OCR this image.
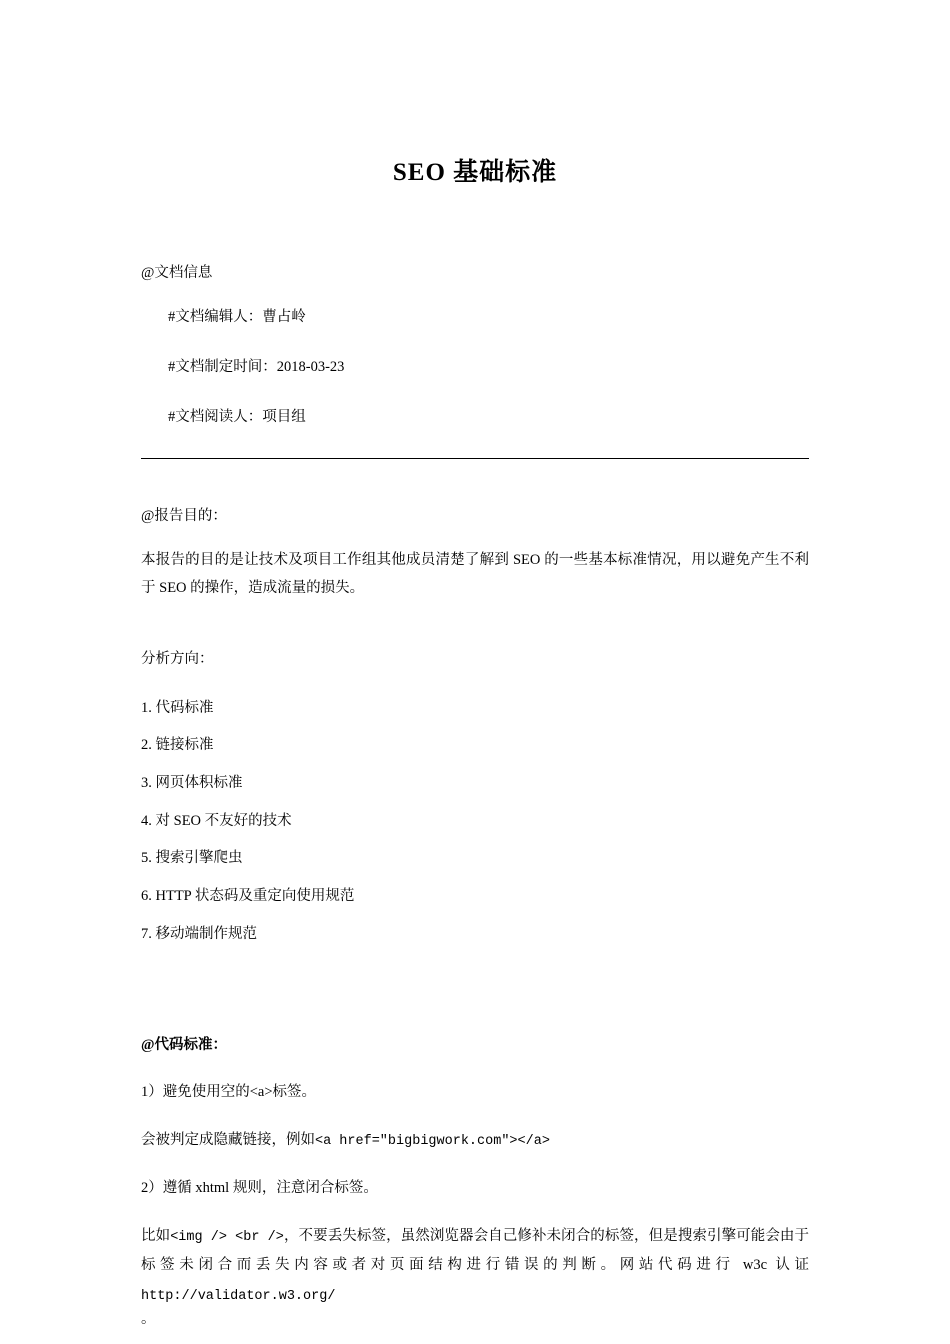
SEO 基础标准

@文档信息

#文档编辑人：曹占岭

#文档制定时间：2018-03-23

#文档阅读人：项目组

@报告目的：

本报告的目的是让技术及项目工作组其他成员清楚了解到 SEO 的一些基本标准情况，用以避免产生不利于 SEO 的操作，造成流量的损失。

分析方向：

1. 代码标准

2. 链接标准

3. 网页体积标准

4. 对 SEO 不友好的技术

5. 搜索引擎爬虫

6. HTTP 状态码及重定向使用规范

7. 移动端制作规范

@代码标准：

1）避免使用空的<a>标签。

会被判定成隐藏链接，例如<a href="bigbigwork.com"></a>

2）遵循 xhtml 规则，注意闭合标签。

比如<img /> <br />，不要丢失标签，虽然浏览器会自己修补未闭合的标签，但是搜索引擎可能会由于标签未闭合而丢失内容或者对页面结构进行错误的判断。网站代码进行 w3c 认证http://validator.w3.org/

。
